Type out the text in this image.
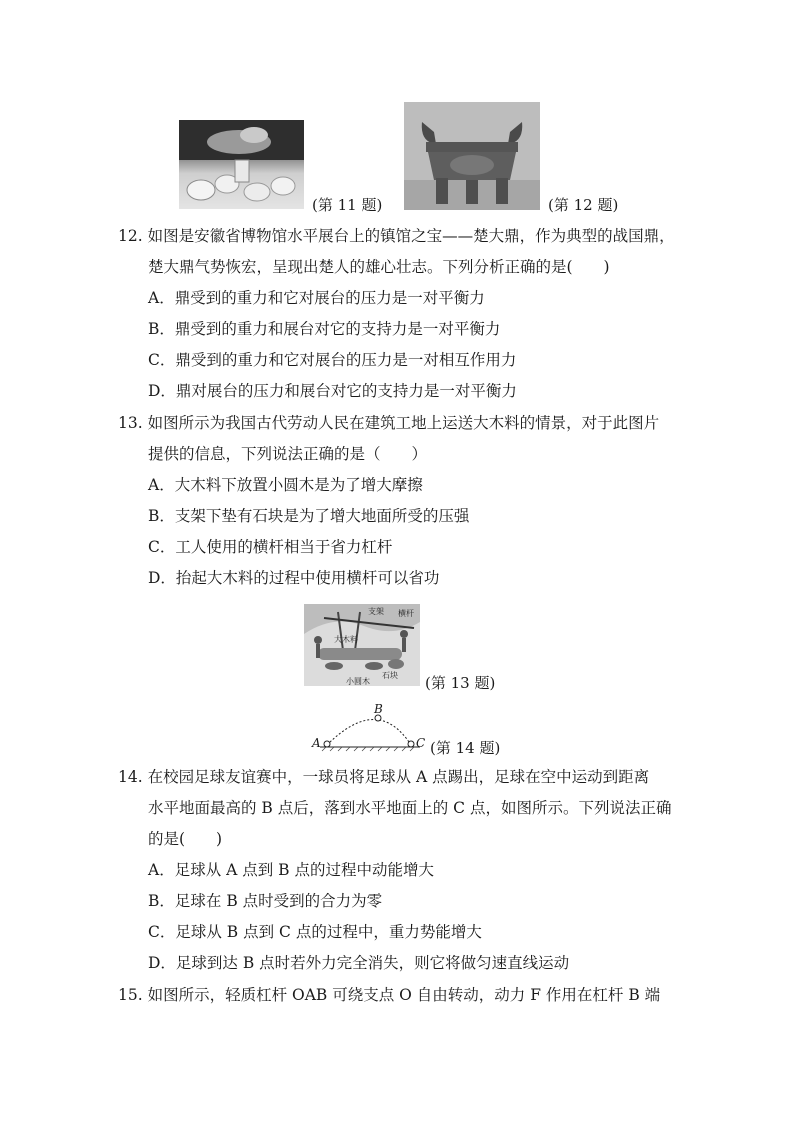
(第 11 题)	(第 12 题)
12. 如图是安徽省博物馆水平展台上的镇馆之宝——楚大鼎，作为典型的战国鼎，
楚大鼎气势恢宏，呈现出楚人的雄心壮志。下列分析正确的是(　　)
A．鼎受到的重力和它对展台的压力是一对平衡力
B．鼎受到的重力和展台对它的支持力是一对平衡力
C．鼎受到的重力和它对展台的压力是一对相互作用力
D．鼎对展台的压力和展台对它的支持力是一对平衡力
13. 如图所示为我国古代劳动人民在建筑工地上运送大木料的情景，对于此图片
提供的信息，下列说法正确的是（　　）
A．大木料下放置小圆木是为了增大摩擦
B．支架下垫有石块是为了增大地面所受的压强
C．工人使用的横杆相当于省力杠杆
D．抬起大木料的过程中使用横杆可以省功
支架 横杆
大木料
小圆木
石块 (第 13 题)
A
B
C (第 14 题)
14. 在校园足球友谊赛中，一球员将足球从 A 点踢出，足球在空中运动到距离
水平地面最高的 B 点后，落到水平地面上的 C 点，如图所示。下列说法正确
的是(　　)
A．足球从 A 点到 B 点的过程中动能增大
B．足球在 B 点时受到的合力为零
C．足球从 B 点到 C 点的过程中，重力势能增大
D．足球到达 B 点时若外力完全消失，则它将做匀速直线运动
15. 如图所示，轻质杠杆 OAB 可绕支点 O 自由转动，动力 F 作用在杠杆 B 端
